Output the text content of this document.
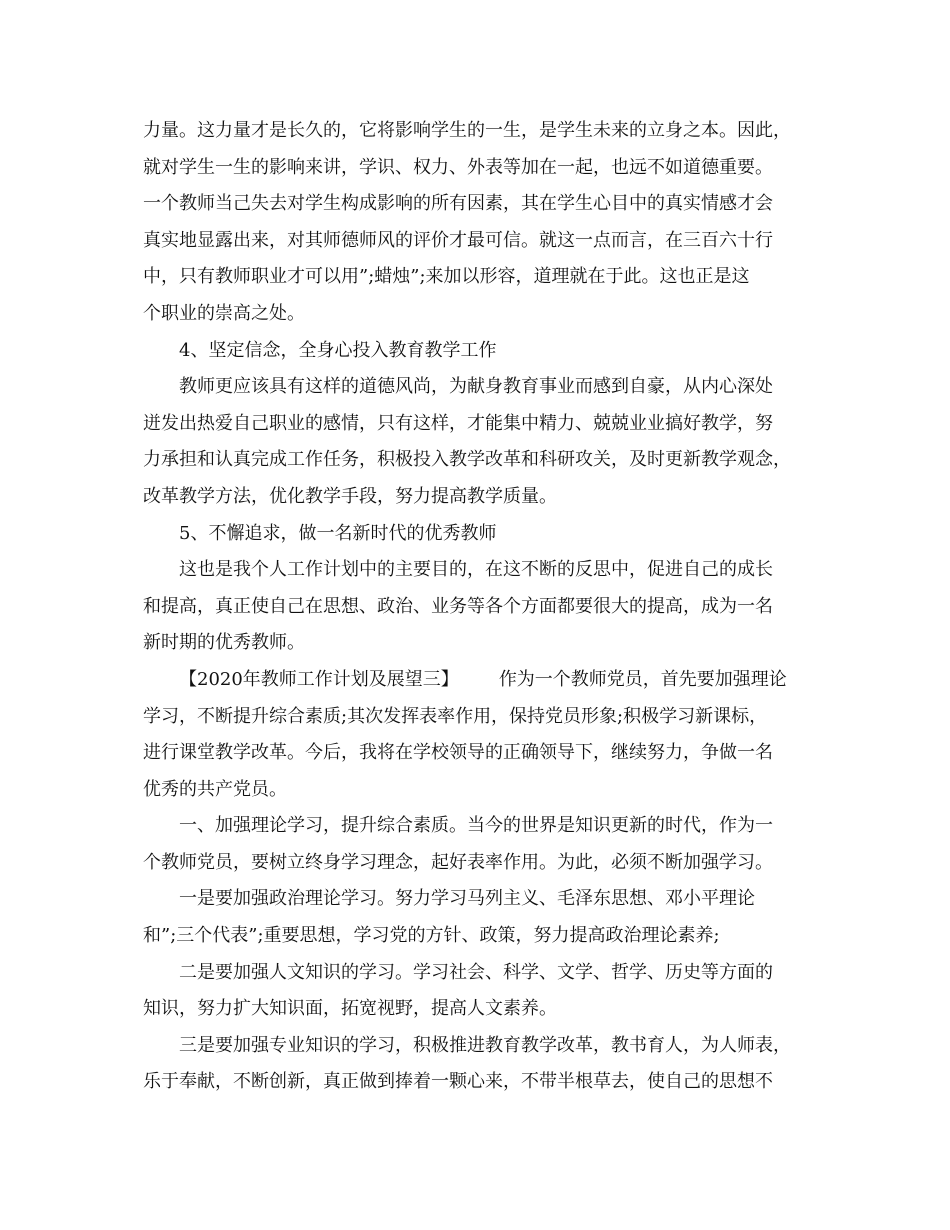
力量。这力量才是长久的，它将影响学生的一生，是学生未来的立身之本。因此，
就对学生一生的影响来讲，学识、权力、外表等加在一起，也远不如道德重要。
一个教师当己失去对学生构成影响的所有因素，其在学生心目中的真实情感才会
真实地显露出来，对其师德师风的评价才最可信。就这一点而言，在三百六十行
中，只有教师职业才可以用”;蜡烛”;来加以形容，道理就在于此。这也正是这
个职业的崇高之处。
4、坚定信念，全身心投入教育教学工作
教师更应该具有这样的道德风尚，为献身教育事业而感到自豪，从内心深处
迸发出热爱自己职业的感情，只有这样，才能集中精力、兢兢业业搞好教学，努
力承担和认真完成工作任务，积极投入教学改革和科研攻关，及时更新教学观念，
改革教学方法，优化教学手段，努力提高教学质量。
5、不懈追求，做一名新时代的优秀教师
这也是我个人工作计划中的主要目的，在这不断的反思中，促进自己的成长
和提高，真正使自己在思想、政治、业务等各个方面都要很大的提高，成为一名
新时期的优秀教师。
【2020年教师工作计划及展望三】 作为一个教师党员，首先要加强理论
学习，不断提升综合素质;其次发挥表率作用，保持党员形象;积极学习新课标，
进行课堂教学改革。今后，我将在学校领导的正确领导下，继续努力，争做一名
优秀的共产党员。
一、加强理论学习，提升综合素质。当今的世界是知识更新的时代，作为一
个教师党员，要树立终身学习理念，起好表率作用。为此，必须不断加强学习。
一是要加强政治理论学习。努力学习马列主义、毛泽东思想、邓小平理论
和”;三个代表”;重要思想，学习党的方针、政策，努力提高政治理论素养;
二是要加强人文知识的学习。学习社会、科学、文学、哲学、历史等方面的
知识，努力扩大知识面，拓宽视野，提高人文素养。
三是要加强专业知识的学习，积极推进教育教学改革，教书育人，为人师表，
乐于奉献，不断创新，真正做到捧着一颗心来，不带半根草去，使自己的思想不
